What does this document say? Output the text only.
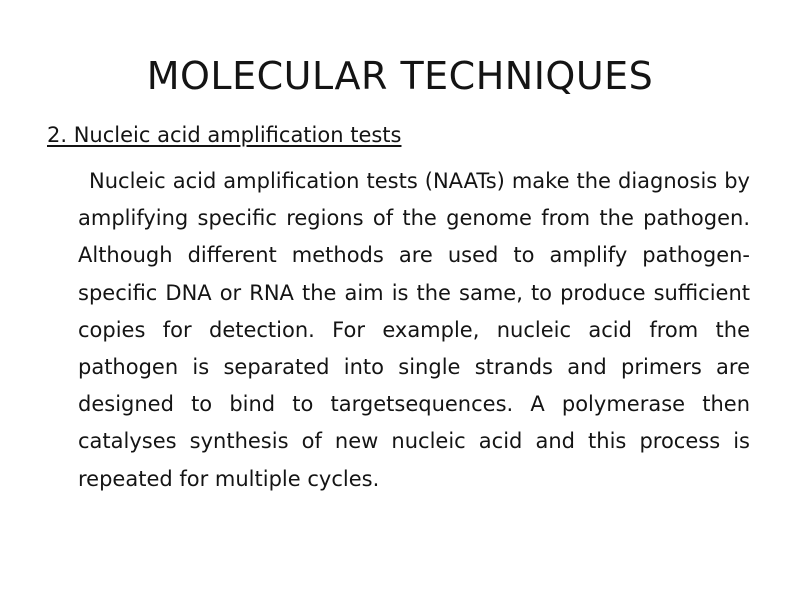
MOLECULAR TECHNIQUES

2. Nucleic acid amplification tests

Nucleic acid amplification tests (NAATs) make the diagnosis by amplifying specific regions of the genome from the pathogen. Although different methods are used to amplify pathogen-specific DNA or RNA the aim is the same, to produce sufficient copies for detection. For example, nucleic acid from the pathogen is separated into single strands and primers are designed to bind to targetsequences. A polymerase then catalyses synthesis of new nucleic acid and this process is repeated for multiple cycles.
